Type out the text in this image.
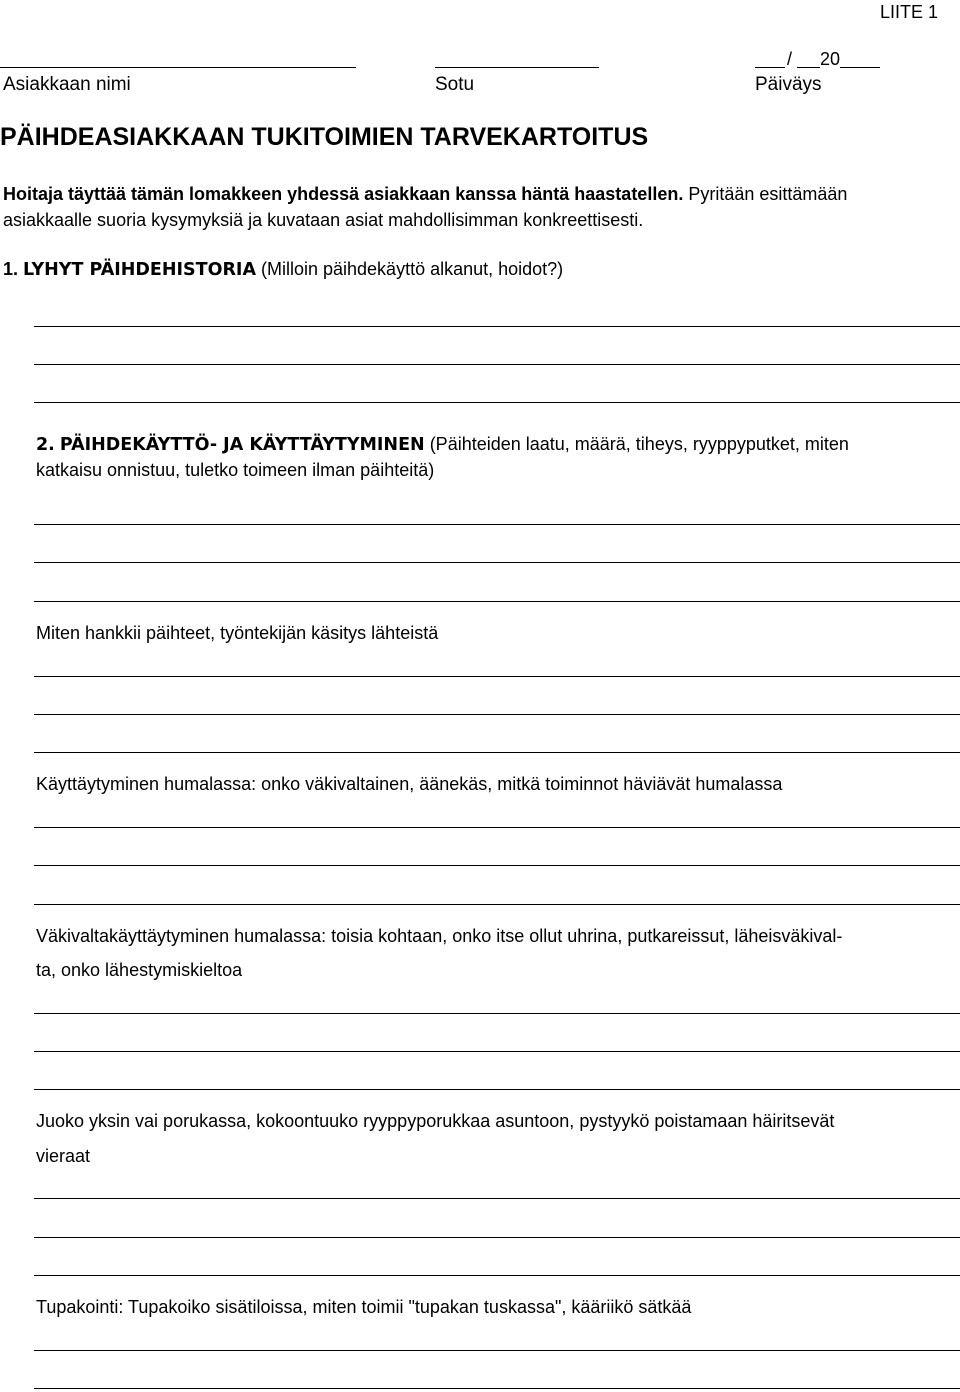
LIITE 1
/ 20
Asiakkaan nimi	Sotu	Päiväys
PÄIHDEASIAKKAAN TUKITOIMIEN TARVEKARTOITUS
Hoitaja täyttää tämän lomakkeen yhdessä asiakkaan kanssa häntä haastatellen. Pyritään esittämään
asiakkaalle suoria kysymyksiä ja kuvataan asiat mahdollisimman konkreettisesti.
1. LYHYT PÄIHDEHISTORIA (Milloin päihdekäyttö alkanut, hoidot?)
2. PÄIHDEKÄYTTÖ- JA KÄYTTÄYTYMINEN (Päihteiden laatu, määrä, tiheys, ryyppyputket, miten
katkaisu onnistuu, tuletko toimeen ilman päihteitä)
Miten hankkii päihteet, työntekijän käsitys lähteistä
Käyttäytyminen humalassa: onko väkivaltainen, äänekäs, mitkä toiminnot häviävät humalassa
Väkivaltakäyttäytyminen humalassa: toisia kohtaan, onko itse ollut uhrina, putkareissut, läheisväkival-
ta, onko lähestymiskieltoa
Juoko yksin vai porukassa, kokoontuuko ryyppyporukkaa asuntoon, pystyykö poistamaan häiritsevät
vieraat
Tupakointi: Tupakoiko sisätiloissa, miten toimii "tupakan tuskassa", kääriikö sätkää
